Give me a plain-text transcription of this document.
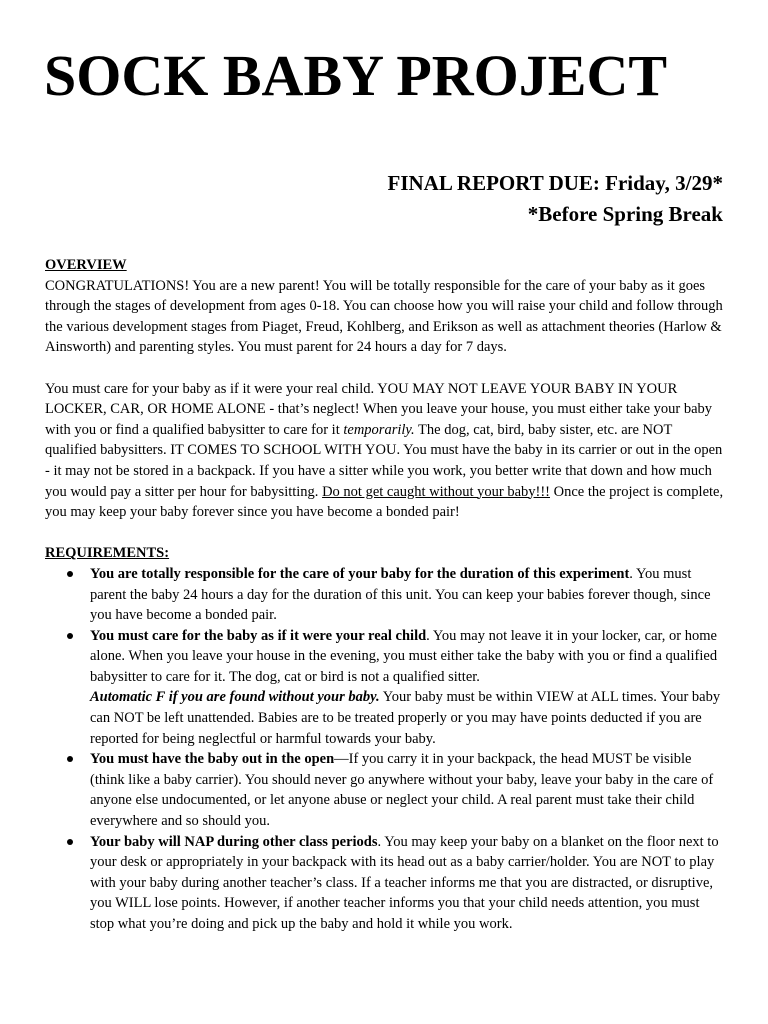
SOCK BABY PROJECT
FINAL REPORT DUE: Friday, 3/29*
*Before Spring Break
OVERVIEW

CONGRATULATIONS! You are a new parent! You will be totally responsible for the care of your baby as it goes through the stages of development from ages 0-18. You can choose how you will raise your child and follow through the various development stages from Piaget, Freud, Kohlberg, and Erikson as well as attachment theories (Harlow & Ainsworth) and parenting styles. You must parent for 24 hours a day for 7 days.

You must care for your baby as if it were your real child. YOU MAY NOT LEAVE YOUR BABY IN YOUR LOCKER, CAR, OR HOME ALONE - that’s neglect! When you leave your house, you must either take your baby with you or find a qualified babysitter to care for it temporarily. The dog, cat, bird, baby sister, etc. are NOT qualified babysitters. IT COMES TO SCHOOL WITH YOU. You must have the baby in its carrier or out in the open - it may not be stored in a backpack. If you have a sitter while you work, you better write that down and how much you would pay a sitter per hour for babysitting. Do not get caught without your baby!!! Once the project is complete, you may keep your baby forever since you have become a bonded pair!

REQUIREMENTS:
You are totally responsible for the care of your baby for the duration of this experiment. You must parent the baby 24 hours a day for the duration of this unit. You can keep your babies forever though, since you have become a bonded pair.
You must care for the baby as if it were your real child. You may not leave it in your locker, car, or home alone. When you leave your house in the evening, you must either take the baby with you or find a qualified babysitter to care for it. The dog, cat or bird is not a qualified sitter.
Automatic F if you are found without your baby. Your baby must be within VIEW at ALL times. Your baby can NOT be left unattended. Babies are to be treated properly or you may have points deducted if you are reported for being neglectful or harmful towards your baby.
You must have the baby out in the open—If you carry it in your backpack, the head MUST be visible (think like a baby carrier). You should never go anywhere without your baby, leave your baby in the care of anyone else undocumented, or let anyone abuse or neglect your child. A real parent must take their child everywhere and so should you.
Your baby will NAP during other class periods. You may keep your baby on a blanket on the floor next to your desk or appropriately in your backpack with its head out as a baby carrier/holder. You are NOT to play with your baby during another teacher’s class. If a teacher informs me that you are distracted, or disruptive, you WILL lose points. However, if another teacher informs you that your child needs attention, you must stop what you’re doing and pick up the baby and hold it while you work.
